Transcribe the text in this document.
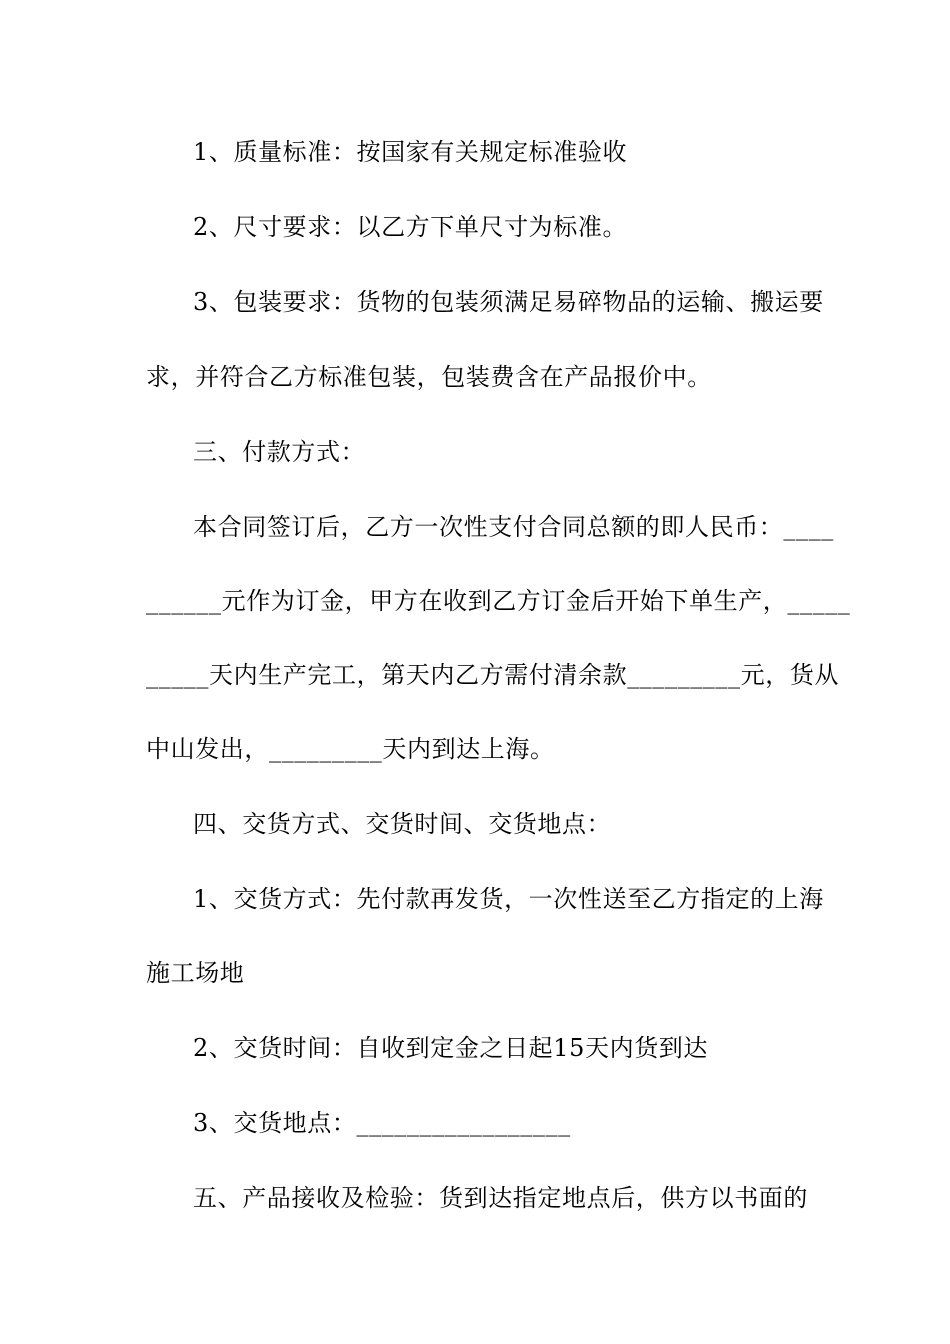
1、质量标准：按国家有关规定标准验收
2、尺寸要求：以乙方下单尺寸为标准。
3、包装要求：货物的包装须满足易碎物品的运输、搬运要
求，并符合乙方标准包装，包装费含在产品报价中。
三、付款方式：
本合同签订后，乙方一次性支付合同总额的即人民币：____
______元作为订金，甲方在收到乙方订金后开始下单生产，_____
_____天内生产完工，第天内乙方需付清余款_________元，货从
中山发出，_________天内到达上海。
四、交货方式、交货时间、交货地点：
1、交货方式：先付款再发货，一次性送至乙方指定的上海
施工场地
2、交货时间：自收到定金之日起15天内货到达
3、交货地点：_________________
五、产品接收及检验：货到达指定地点后，供方以书面的
